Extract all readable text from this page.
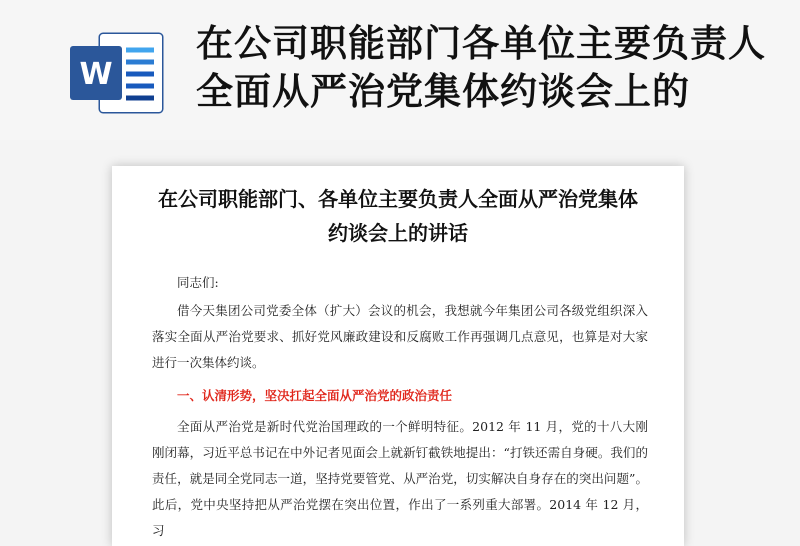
W
在公司职能部门各单位主要负责人全面从严治党集体约谈会上的
在公司职能部门、各单位主要负责人全面从严治党集体约谈会上的讲话

同志们:

借今天集团公司党委全体（扩大）会议的机会，我想就今年集团公司各级党组织深入落实全面从严治党要求、抓好党风廉政建设和反腐败工作再强调几点意见，也算是对大家进行一次集体约谈。

一、认清形势，坚决扛起全面从严治党的政治责任

全面从严治党是新时代党治国理政的一个鲜明特征。2012 年 11 月，党的十八大刚刚闭幕，习近平总书记在中外记者见面会上就新钉截铁地提出：“打铁还需自身硬。我们的责任，就是同全党同志一道，坚持党要管党、从严治党，切实解决自身存在的突出问题”。此后，党中央坚持把从严治党摆在突出位置，作出了一系列重大部署。2014 年 12 月，习
